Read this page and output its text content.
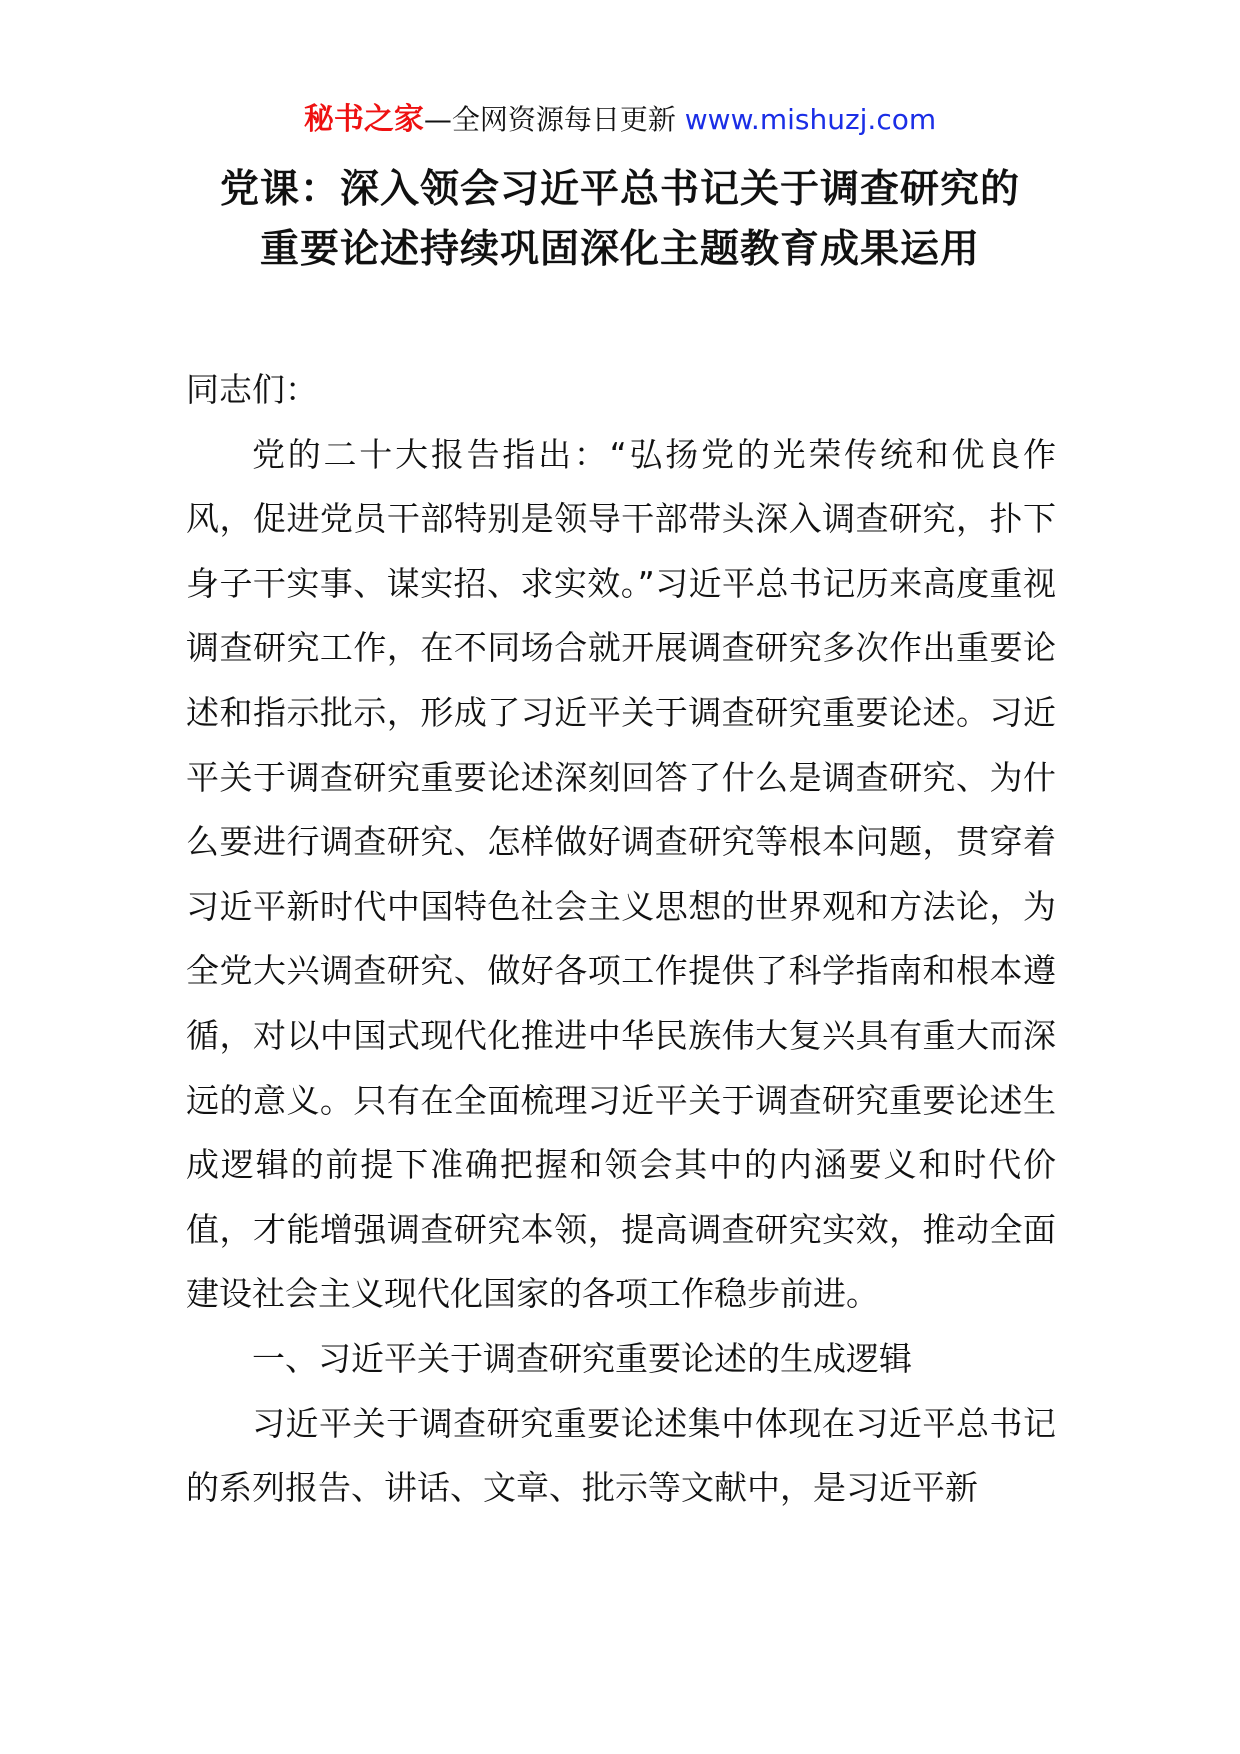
秘书之家—全网资源每日更新 www.mishuzj.com
党课：深入领会习近平总书记关于调查研究的
重要论述持续巩固深化主题教育成果运用

同志们：

党的二十大报告指出：“弘扬党的光荣传统和优良作风，促进党员干部特别是领导干部带头深入调查研究，扑下身子干实事、谋实招、求实效。”习近平总书记历来高度重视调查研究工作，在不同场合就开展调查研究多次作出重要论述和指示批示，形成了习近平关于调查研究重要论述。习近平关于调查研究重要论述深刻回答了什么是调查研究、为什么要进行调查研究、怎样做好调查研究等根本问题，贯穿着习近平新时代中国特色社会主义思想的世界观和方法论，为全党大兴调查研究、做好各项工作提供了科学指南和根本遵循，对以中国式现代化推进中华民族伟大复兴具有重大而深远的意义。只有在全面梳理习近平关于调查研究重要论述生成逻辑的前提下准确把握和领会其中的内涵要义和时代价值，才能增强调查研究本领，提高调查研究实效，推动全面建设社会主义现代化国家的各项工作稳步前进。

一、习近平关于调查研究重要论述的生成逻辑

习近平关于调查研究重要论述集中体现在习近平总书记的系列报告、讲话、文章、批示等文献中，是习近平新
